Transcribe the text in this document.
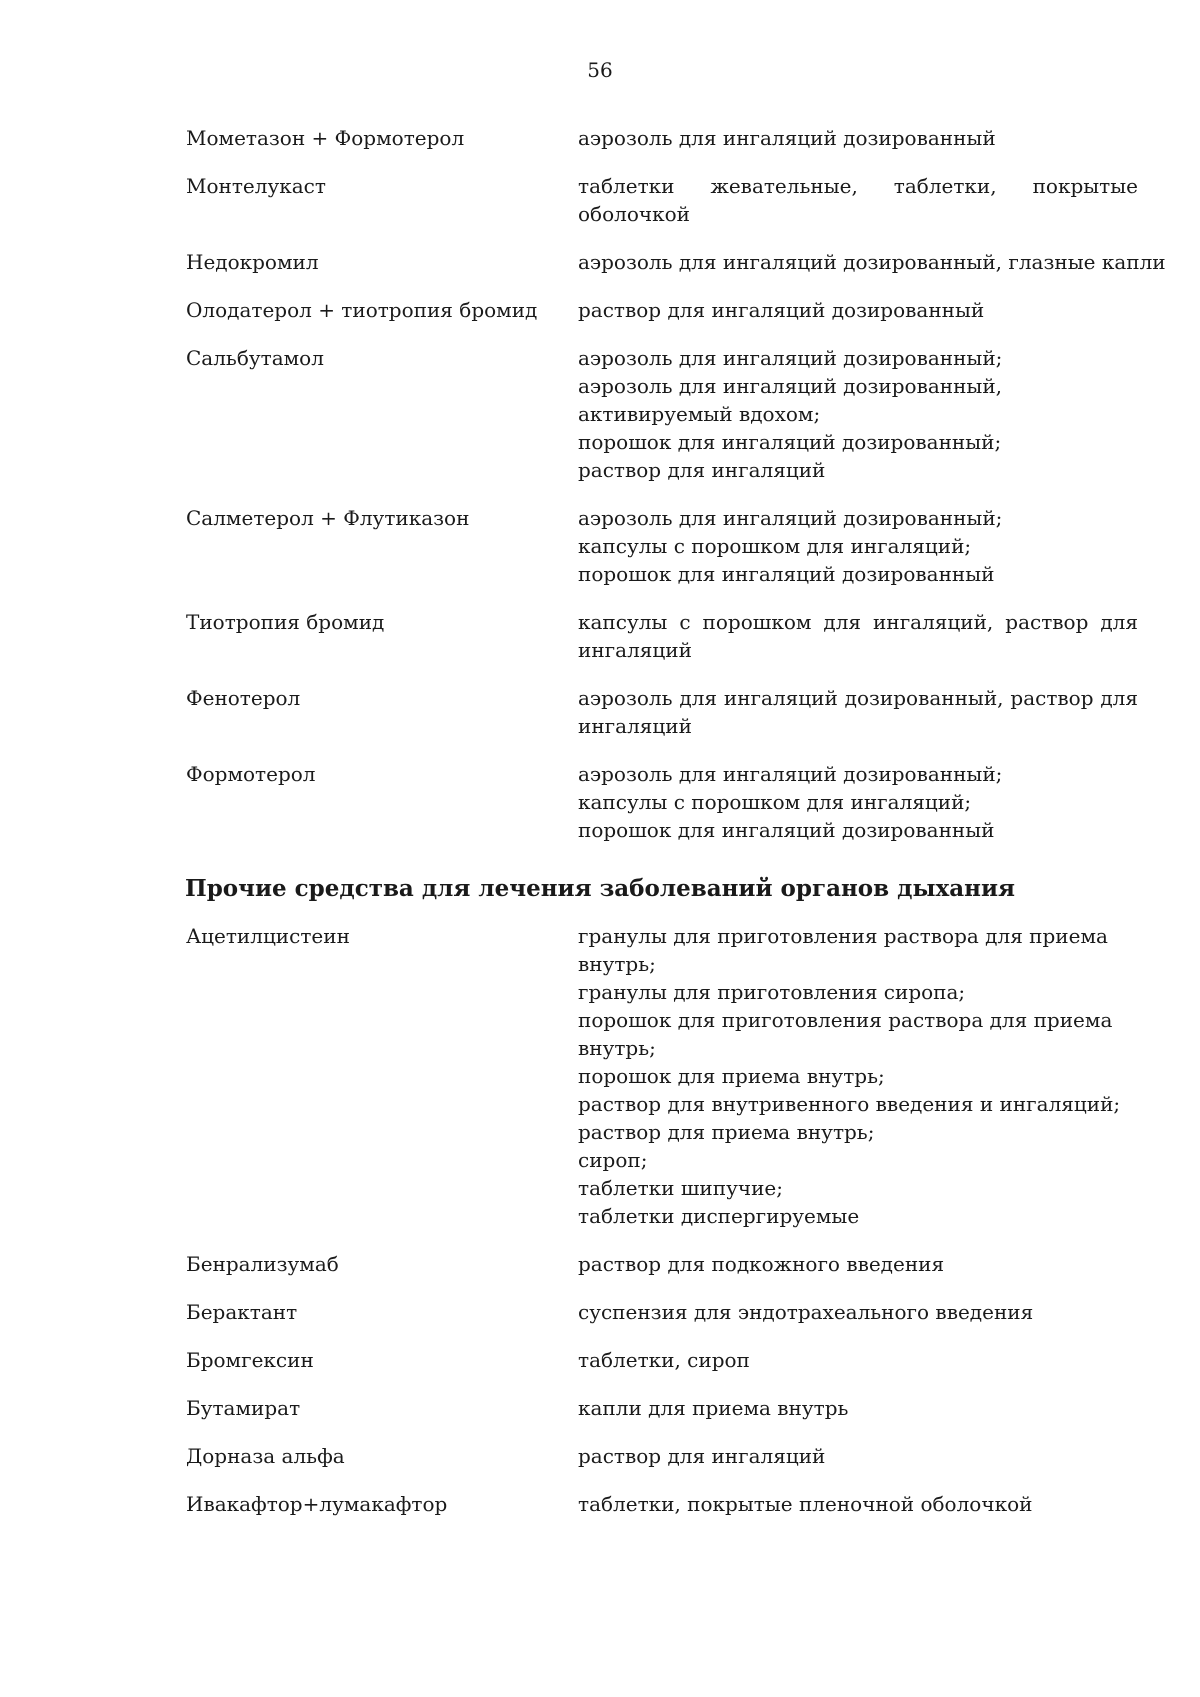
56
Мометазон + Формотерол	аэрозоль для ингаляций дозированный
Монтелукаст	таблетки жевательные, таблетки, покрытые оболочкой
Недокромил	аэрозоль для ингаляций дозированный, глазные капли
Олодатерол + тиотропия бромид	раствор для ингаляций дозированный
Сальбутамол	аэрозоль для ингаляций дозированный;
аэрозоль для ингаляций дозированный,
активируемый вдохом;
порошок для ингаляций дозированный;
раствор для ингаляций
Салметерол + Флутиказон	аэрозоль для ингаляций дозированный;
капсулы с порошком для ингаляций;
порошок для ингаляций дозированный
Тиотропия бромид	капсулы с порошком для ингаляций, раствор для ингаляций
Фенотерол	аэрозоль для ингаляций дозированный, раствор для ингаляций
Формотерол	аэрозоль для ингаляций дозированный;
капсулы с порошком для ингаляций;
порошок для ингаляций дозированный
Прочие средства для лечения заболеваний органов дыхания
Ацетилцистеин	гранулы для приготовления раствора для приема
внутрь;
гранулы для приготовления сиропа;
порошок для приготовления раствора для приема
внутрь;
порошок для приема внутрь;
раствор для внутривенного введения и ингаляций;
раствор для приема внутрь;
сироп;
таблетки шипучие;
таблетки диспергируемые
Бенрализумаб	раствор для подкожного введения
Берактант	суспензия для эндотрахеального введения
Бромгексин	таблетки, сироп
Бутамират	капли для приема внутрь
Дорназа альфа	раствор для ингаляций
Ивакафтор+лумакафтор	таблетки, покрытые пленочной оболочкой
